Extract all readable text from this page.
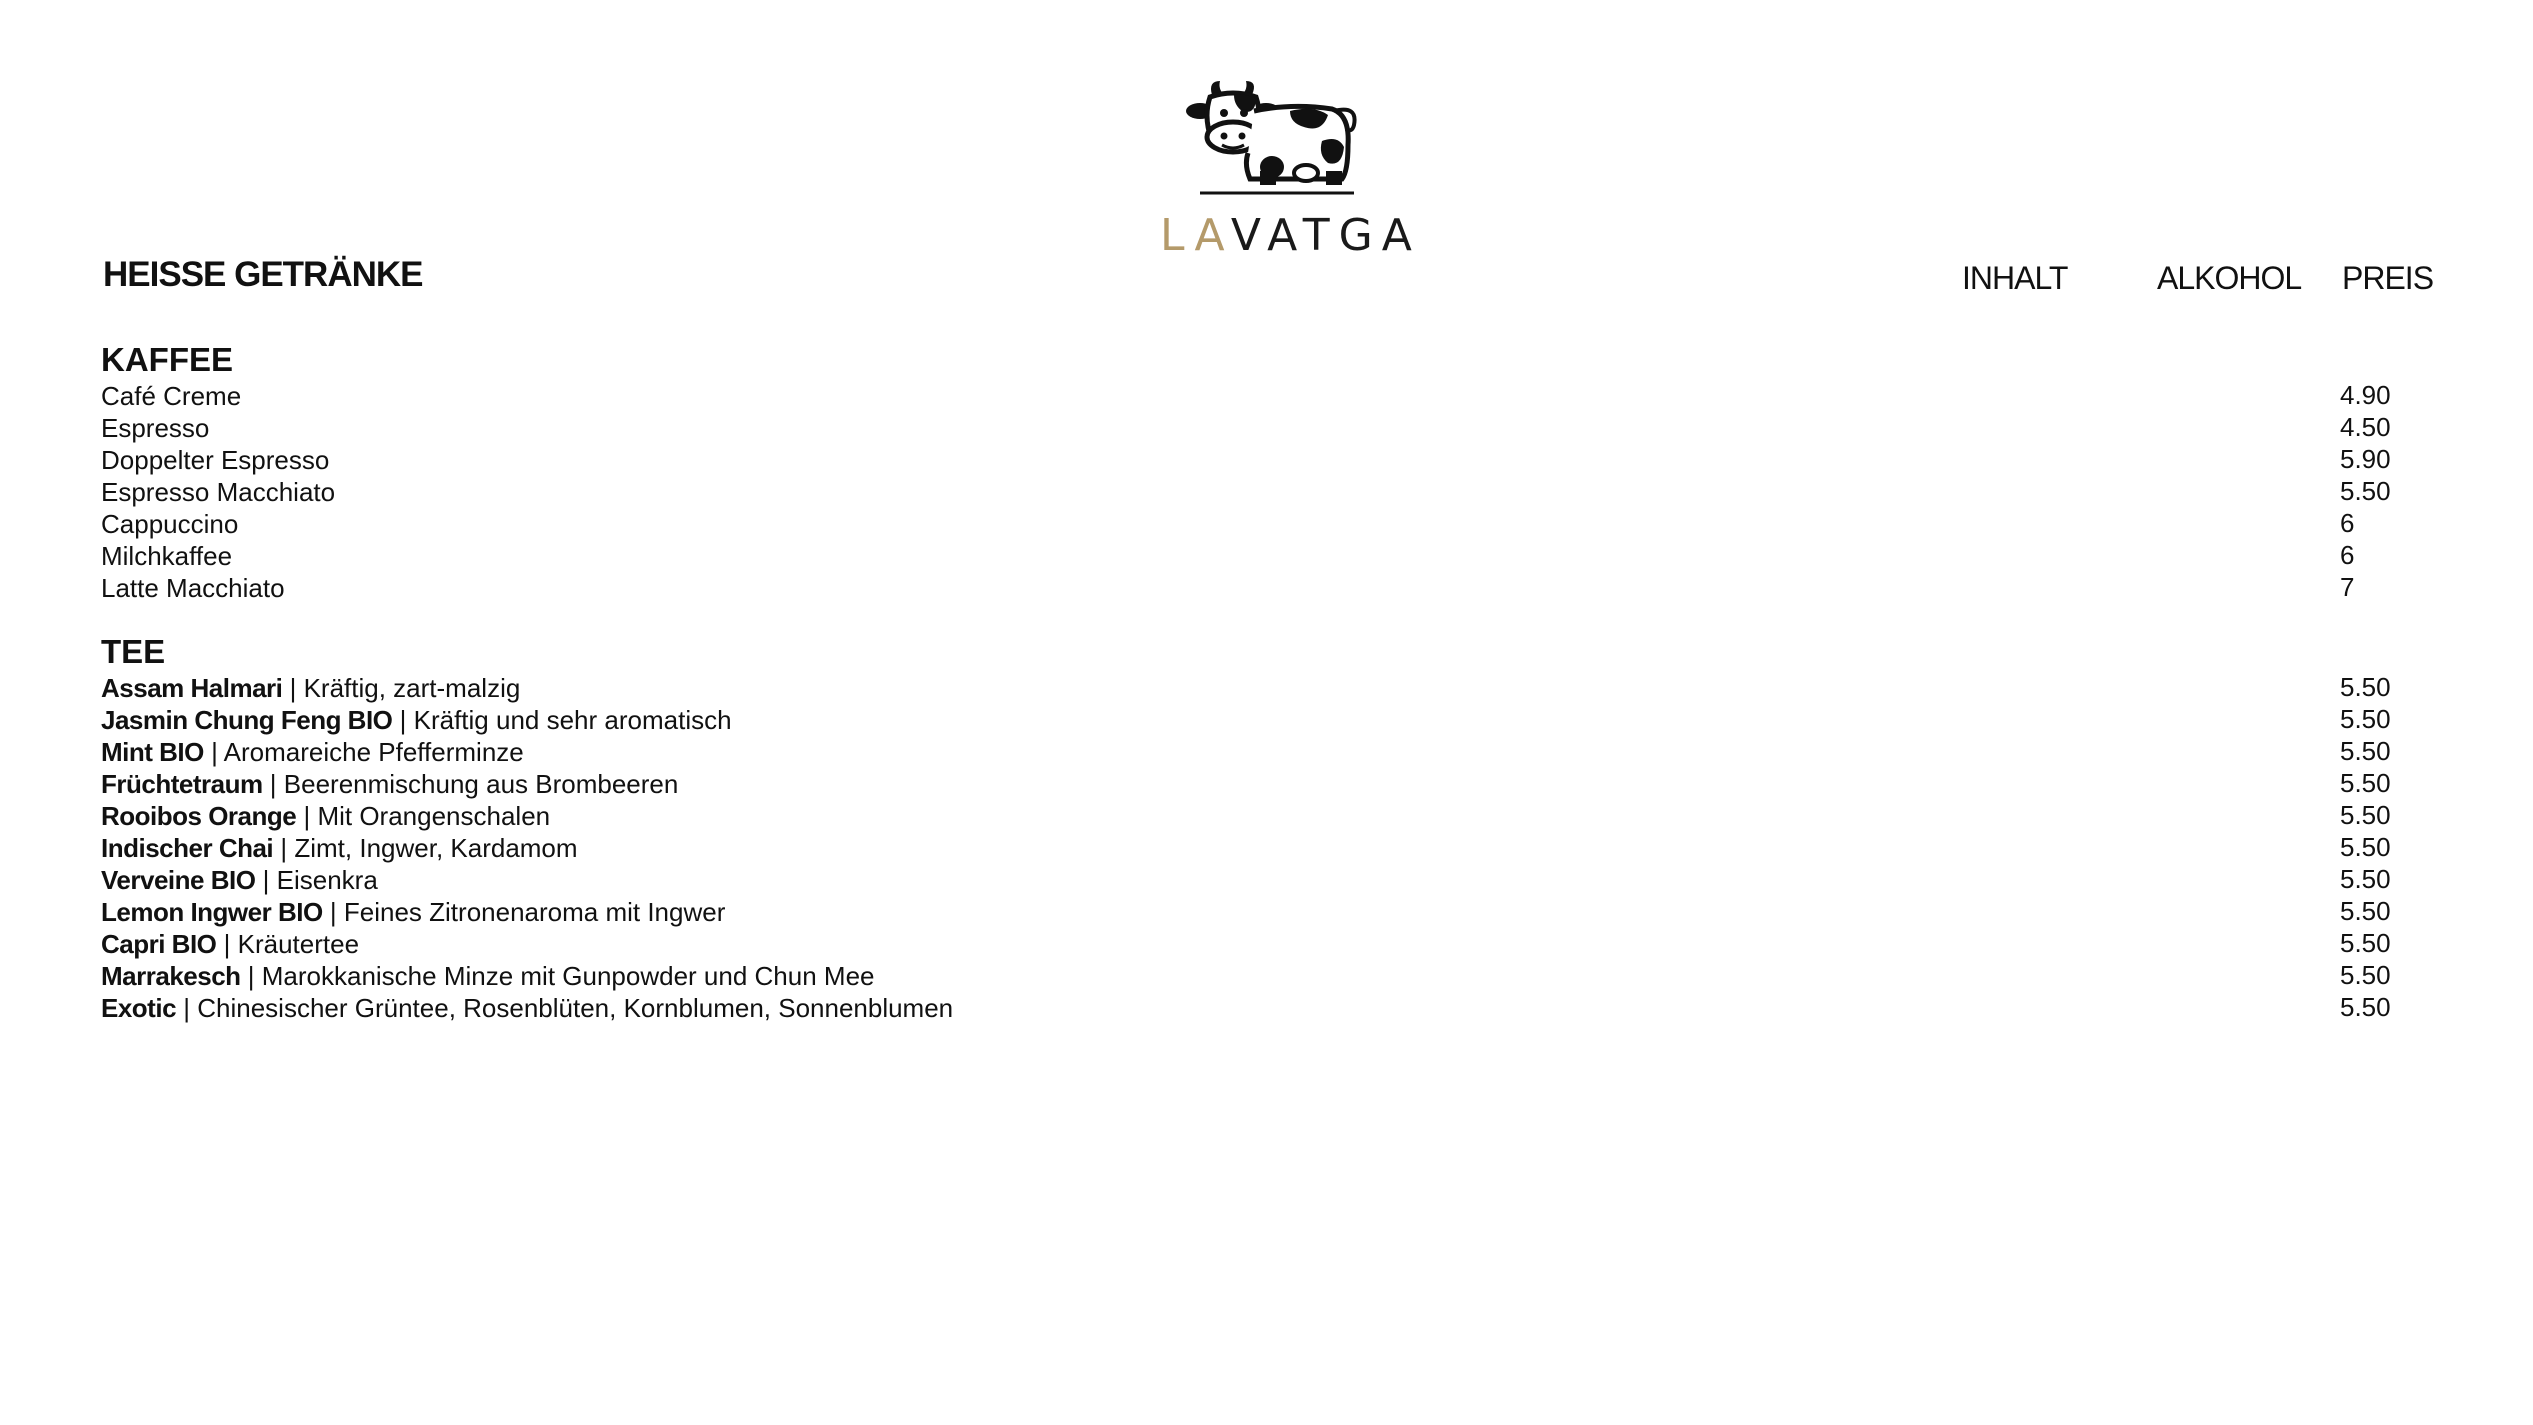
LAVATGA
HEISSE GETRÄNKE	INHALT	ALKOHOL PREIS
KAFFEE
Café Creme	4.90
Espresso	4.50
Doppelter Espresso	5.90
Espresso Macchiato	5.50
Cappuccino	6
Milchkaffee	6
Latte Macchiato	7
TEE
Assam Halmari | Kräftig, zart-malzig	5.50
Jasmin Chung Feng BIO | Kräftig und sehr aromatisch	5.50
Mint BIO | Aromareiche Pfefferminze	5.50
Früchtetraum | Beerenmischung aus Brombeeren	5.50
Rooibos Orange | Mit Orangenschalen	5.50
Indischer Chai | Zimt, Ingwer, Kardamom	5.50
Verveine BIO | Eisenkra	5.50
Lemon Ingwer BIO | Feines Zitronenaroma mit Ingwer	5.50
Capri BIO | Kräutertee	5.50
Marrakesch | Marokkanische Minze mit Gunpowder und Chun Mee	5.50
Exotic | Chinesischer Grüntee, Rosenblüten, Kornblumen, Sonnenblumen	5.50
